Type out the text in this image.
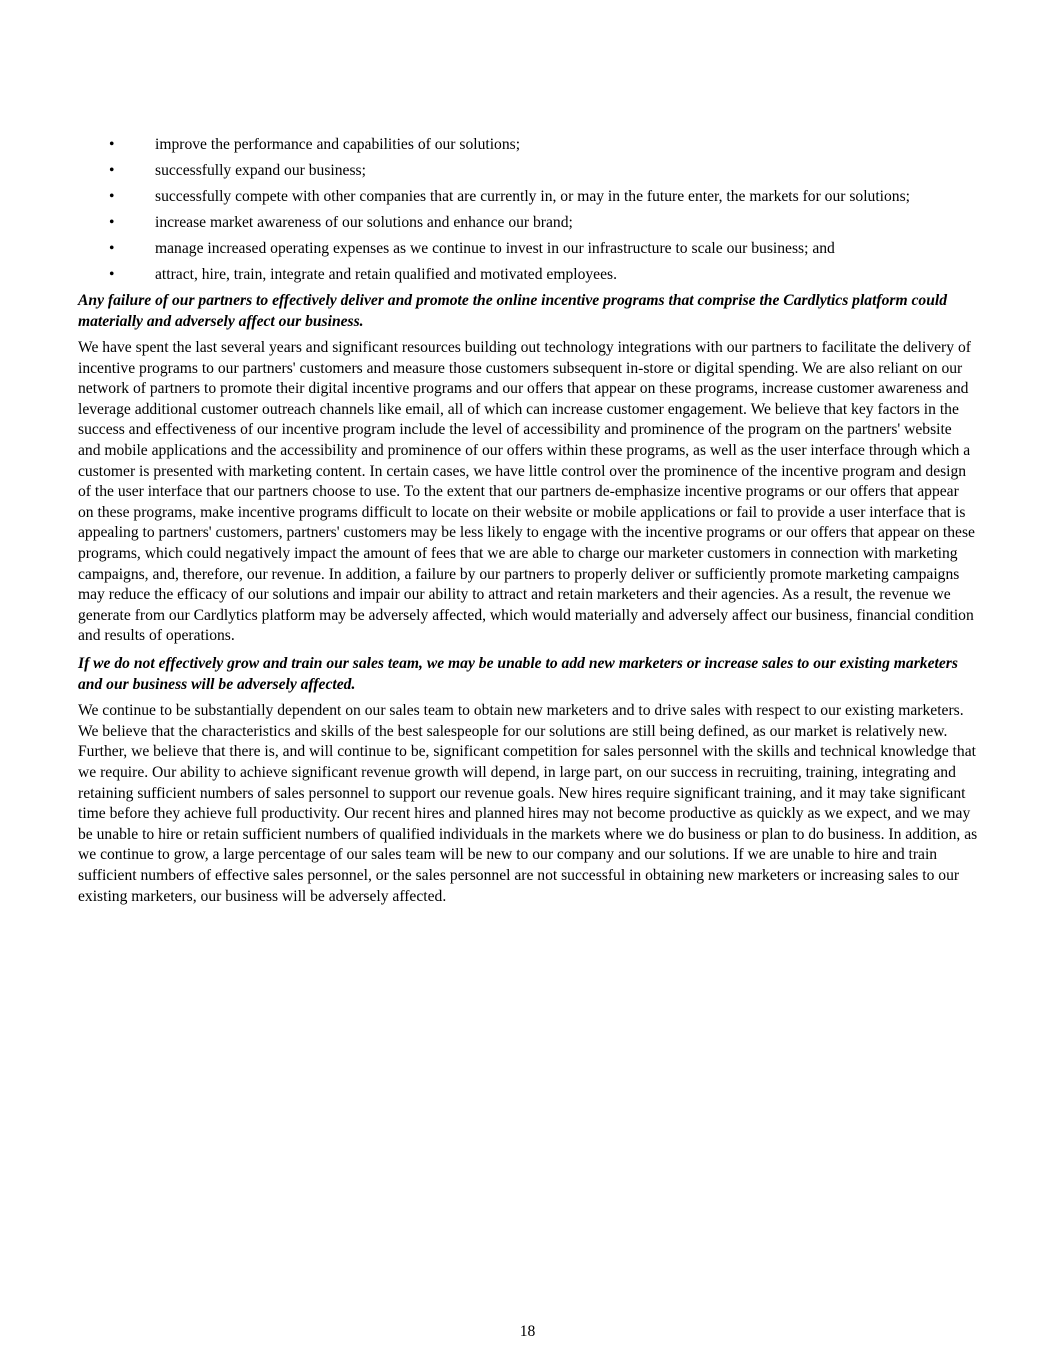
•	improve the performance and capabilities of our solutions;
•	successfully expand our business;
•	successfully compete with other companies that are currently in, or may in the future enter, the markets for our solutions;
•	increase market awareness of our solutions and enhance our brand;
•	manage increased operating expenses as we continue to invest in our infrastructure to scale our business; and
•	attract, hire, train, integrate and retain qualified and motivated employees.

Any failure of our partners to effectively deliver and promote the online incentive programs that comprise the Cardlytics platform could materially and adversely affect our business.

We have spent the last several years and significant resources building out technology integrations with our partners to facilitate the delivery of incentive programs to our partners' customers and measure those customers subsequent in-store or digital spending. We are also reliant on our network of partners to promote their digital incentive programs and our offers that appear on these programs, increase customer awareness and leverage additional customer outreach channels like email, all of which can increase customer engagement. We believe that key factors in the success and effectiveness of our incentive program include the level of accessibility and prominence of the program on the partners' website and mobile applications and the accessibility and prominence of our offers within these programs, as well as the user interface through which a customer is presented with marketing content. In certain cases, we have little control over the prominence of the incentive program and design of the user interface that our partners choose to use. To the extent that our partners de-emphasize incentive programs or our offers that appear on these programs, make incentive programs difficult to locate on their website or mobile applications or fail to provide a user interface that is appealing to partners' customers, partners' customers may be less likely to engage with the incentive programs or our offers that appear on these programs, which could negatively impact the amount of fees that we are able to charge our marketer customers in connection with marketing campaigns, and, therefore, our revenue. In addition, a failure by our partners to properly deliver or sufficiently promote marketing campaigns may reduce the efficacy of our solutions and impair our ability to attract and retain marketers and their agencies. As a result, the revenue we generate from our Cardlytics platform may be adversely affected, which would materially and adversely affect our business, financial condition and results of operations.

If we do not effectively grow and train our sales team, we may be unable to add new marketers or increase sales to our existing marketers and our business will be adversely affected.

We continue to be substantially dependent on our sales team to obtain new marketers and to drive sales with respect to our existing marketers. We believe that the characteristics and skills of the best salespeople for our solutions are still being defined, as our market is relatively new. Further, we believe that there is, and will continue to be, significant competition for sales personnel with the skills and technical knowledge that we require. Our ability to achieve significant revenue growth will depend, in large part, on our success in recruiting, training, integrating and retaining sufficient numbers of sales personnel to support our revenue goals. New hires require significant training, and it may take significant time before they achieve full productivity. Our recent hires and planned hires may not become productive as quickly as we expect, and we may be unable to hire or retain sufficient numbers of qualified individuals in the markets where we do business or plan to do business. In addition, as we continue to grow, a large percentage of our sales team will be new to our company and our solutions. If we are unable to hire and train sufficient numbers of effective sales personnel, or the sales personnel are not successful in obtaining new marketers or increasing sales to our existing marketers, our business will be adversely affected.

18
